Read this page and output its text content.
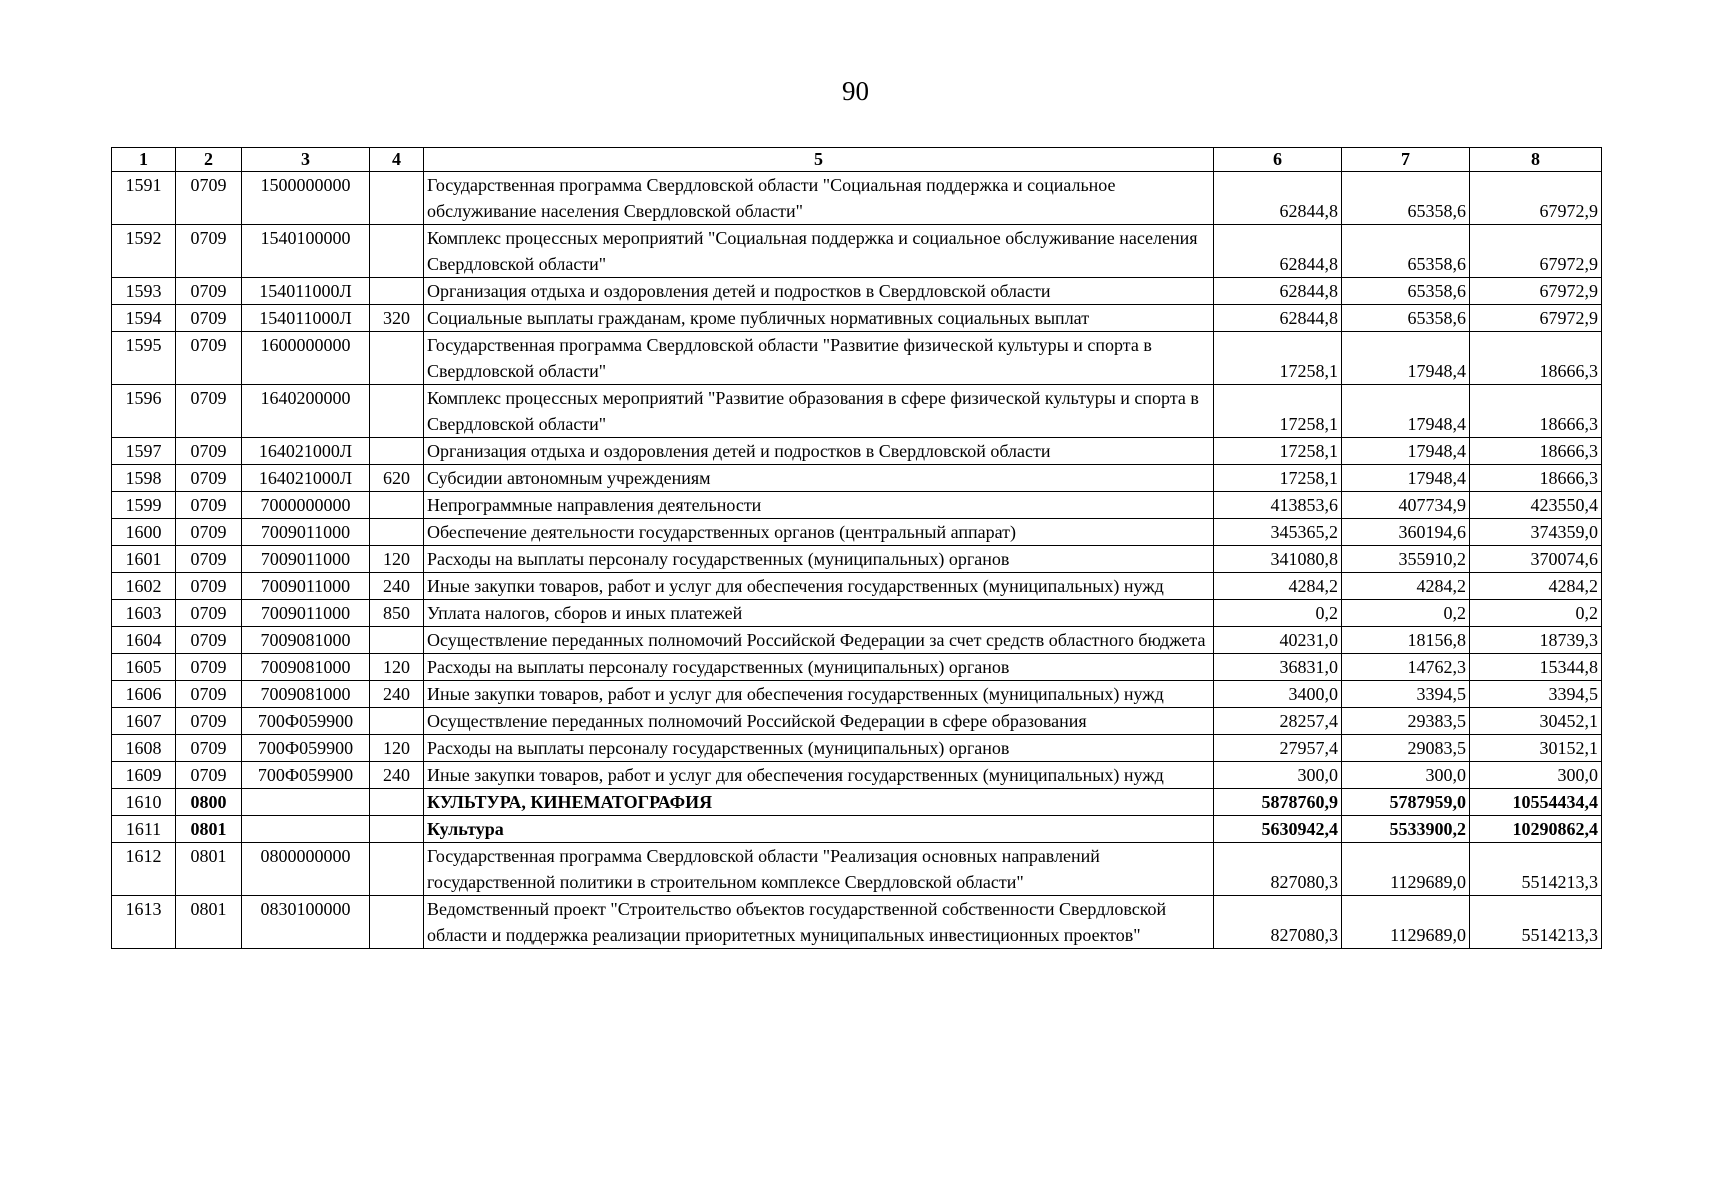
90
1	2	3	4	5	6	7	8
1591	0709	1500000000		Государственная программа Свердловской области "Социальная поддержка и социальное обслуживание населения Свердловской области"	62844,8	65358,6	67972,9
1592	0709	1540100000		Комплекс процессных мероприятий "Социальная поддержка и социальное обслуживание населения Свердловской области"	62844,8	65358,6	67972,9
1593	0709	154011000Л		Организация отдыха и оздоровления детей и подростков в Свердловской области	62844,8	65358,6	67972,9
1594	0709	154011000Л	320	Социальные выплаты гражданам, кроме публичных нормативных социальных выплат	62844,8	65358,6	67972,9
1595	0709	1600000000		Государственная программа Свердловской области "Развитие физической культуры и спорта в Свердловской области"	17258,1	17948,4	18666,3
1596	0709	1640200000		Комплекс процессных мероприятий "Развитие образования в сфере физической культуры и спорта в Свердловской области"	17258,1	17948,4	18666,3
1597	0709	164021000Л		Организация отдыха и оздоровления детей и подростков в Свердловской области	17258,1	17948,4	18666,3
1598	0709	164021000Л	620	Субсидии автономным учреждениям	17258,1	17948,4	18666,3
1599	0709	7000000000		Непрограммные направления деятельности	413853,6	407734,9	423550,4
1600	0709	7009011000		Обеспечение деятельности государственных органов (центральный аппарат)	345365,2	360194,6	374359,0
1601	0709	7009011000	120	Расходы на выплаты персоналу государственных (муниципальных) органов	341080,8	355910,2	370074,6
1602	0709	7009011000	240	Иные закупки товаров, работ и услуг для обеспечения государственных (муниципальных) нужд	4284,2	4284,2	4284,2
1603	0709	7009011000	850	Уплата налогов, сборов и иных платежей	0,2	0,2	0,2
1604	0709	7009081000		Осуществление переданных полномочий Российской Федерации за счет средств областного бюджета	40231,0	18156,8	18739,3
1605	0709	7009081000	120	Расходы на выплаты персоналу государственных (муниципальных) органов	36831,0	14762,3	15344,8
1606	0709	7009081000	240	Иные закупки товаров, работ и услуг для обеспечения государственных (муниципальных) нужд	3400,0	3394,5	3394,5
1607	0709	700Ф059900		Осуществление переданных полномочий Российской Федерации в сфере образования	28257,4	29383,5	30452,1
1608	0709	700Ф059900	120	Расходы на выплаты персоналу государственных (муниципальных) органов	27957,4	29083,5	30152,1
1609	0709	700Ф059900	240	Иные закупки товаров, работ и услуг для обеспечения государственных (муниципальных) нужд	300,0	300,0	300,0
1610	0800			КУЛЬТУРА, КИНЕМАТОГРАФИЯ	5878760,9	5787959,0	10554434,4
1611	0801			Культура	5630942,4	5533900,2	10290862,4
1612	0801	0800000000		Государственная программа Свердловской области "Реализация основных направлений государственной политики в строительном комплексе Свердловской области"	827080,3	1129689,0	5514213,3
1613	0801	0830100000		Ведомственный проект "Строительство объектов государственной собственности Свердловской области и поддержка реализации приоритетных муниципальных инвестиционных проектов"	827080,3	1129689,0	5514213,3
